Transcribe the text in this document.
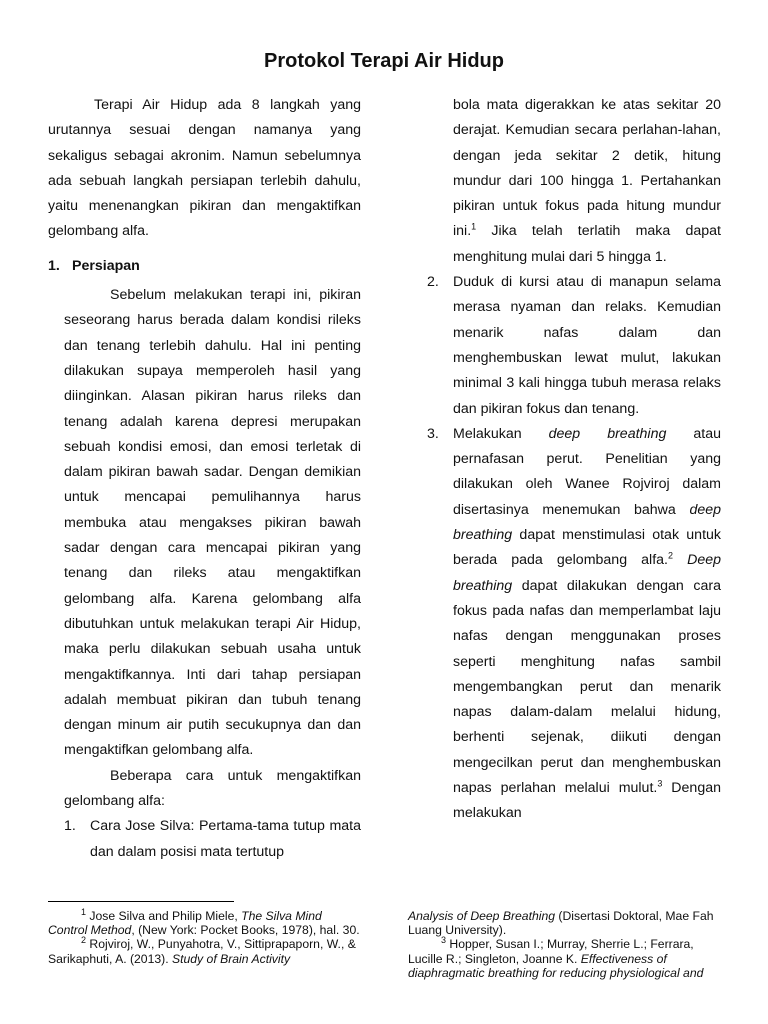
Protokol Terapi Air Hidup

Terapi Air Hidup ada 8 langkah yang urutannya sesuai dengan namanya yang sekaligus sebagai akronim. Namun sebelumnya ada sebuah langkah persiapan terlebih dahulu, yaitu menenangkan pikiran dan mengaktifkan gelombang alfa.

1. Persiapan

Sebelum melakukan terapi ini, pikiran seseorang harus berada dalam kondisi rileks dan tenang terlebih dahulu. Hal ini penting dilakukan supaya memperoleh hasil yang diinginkan. Alasan pikiran harus rileks dan tenang adalah karena depresi merupakan sebuah kondisi emosi, dan emosi terletak di dalam pikiran bawah sadar. Dengan demikian untuk mencapai pemulihannya harus membuka atau mengakses pikiran bawah sadar dengan cara mencapai pikiran yang tenang dan rileks atau mengaktifkan gelombang alfa. Karena gelombang alfa dibutuhkan untuk melakukan terapi Air Hidup, maka perlu dilakukan sebuah usaha untuk mengaktifkannya. Inti dari tahap persiapan adalah membuat pikiran dan tubuh tenang dengan minum air putih secukupnya dan dan mengaktifkan gelombang alfa.

Beberapa cara untuk mengaktifkan gelombang alfa:

1. Cara Jose Silva: Pertama-tama tutup mata dan dalam posisi mata tertutup

bola mata digerakkan ke atas sekitar 20 derajat. Kemudian secara perlahan-lahan, dengan jeda sekitar 2 detik, hitung mundur dari 100 hingga 1. Pertahankan pikiran untuk fokus pada hitung mundur ini.$^1$ Jika telah terlatih maka dapat menghitung mulai dari 5 hingga 1.

2. Duduk di kursi atau di manapun selama merasa nyaman dan relaks. Kemudian menarik nafas dalam dan menghembuskan lewat mulut, lakukan minimal 3 kali hingga tubuh merasa relaks dan pikiran fokus dan tenang.
3. Melakukan deep breathing atau pernafasan perut. Penelitian yang dilakukan oleh Wanee Rojviroj dalam disertasinya menemukan bahwa deep breathing dapat menstimulasi otak untuk berada pada gelombang alfa.$^2$ Deep breathing dapat dilakukan dengan cara fokus pada nafas dan memperlambat laju nafas dengan menggunakan proses seperti menghitung nafas sambil mengembangkan perut dan menarik napas dalam-dalam melalui hidung, berhenti sejenak, diikuti dengan mengecilkan perut dan menghembuskan napas perlahan melalui mulut.$^3$ Dengan melakukan

$^1$ Jose Silva and Philip Miele, The Silva Mind Control Method, (New York: Pocket Books, 1978), hal. 30.

$^2$ Rojviroj, W., Punyahotra, V., Sittiprapaporn, W., & Sarikaphuti, A. (2013). Study of Brain Activity

Analysis of Deep Breathing (Disertasi Doktoral, Mae Fah Luang University).

$^3$ Hopper, Susan I.; Murray, Sherrie L.; Ferrara, Lucille R.; Singleton, Joanne K. Effectiveness of diaphragmatic breathing for reducing physiological and
